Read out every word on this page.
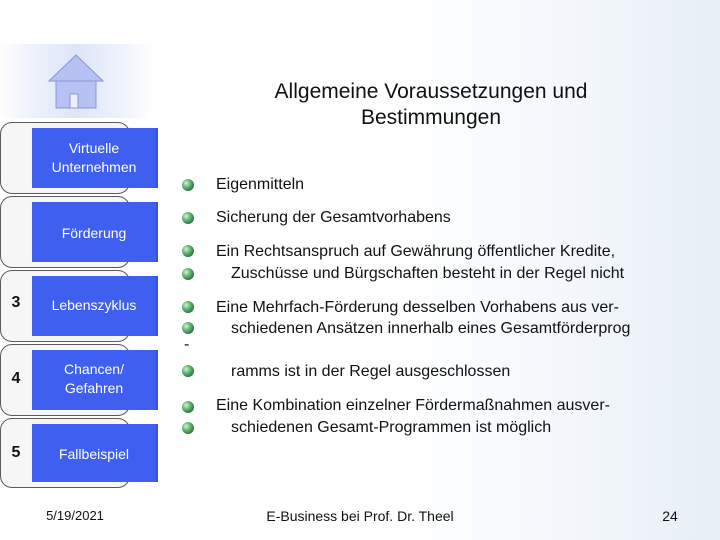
Allgemeine Voraussetzungen und
Bestimmungen
Virtuelle
Unternehmen
Förderung
3	Lebenszyklus
4
Chancen/
Gefahren
5	Fallbeispiel
Eigenmitteln
Sicherung der Gesamtvorhabens
Ein Rechtsanspruch auf Gewährung öffentlicher Kredite,
Zuschüsse und Bürgschaften besteht in der Regel nicht
Eine Mehrfach-Förderung desselben Vorhabens aus ver-
schiedenen Ansätzen innerhalb eines Gesamtförderprog
-
ramms ist in der Regel ausgeschlossen
Eine Kombination einzelner Fördermaßnahmen ausver-
schiedenen Gesamt-Programmen ist möglich
5/19/2021	E-Business bei Prof. Dr. Theel	24
